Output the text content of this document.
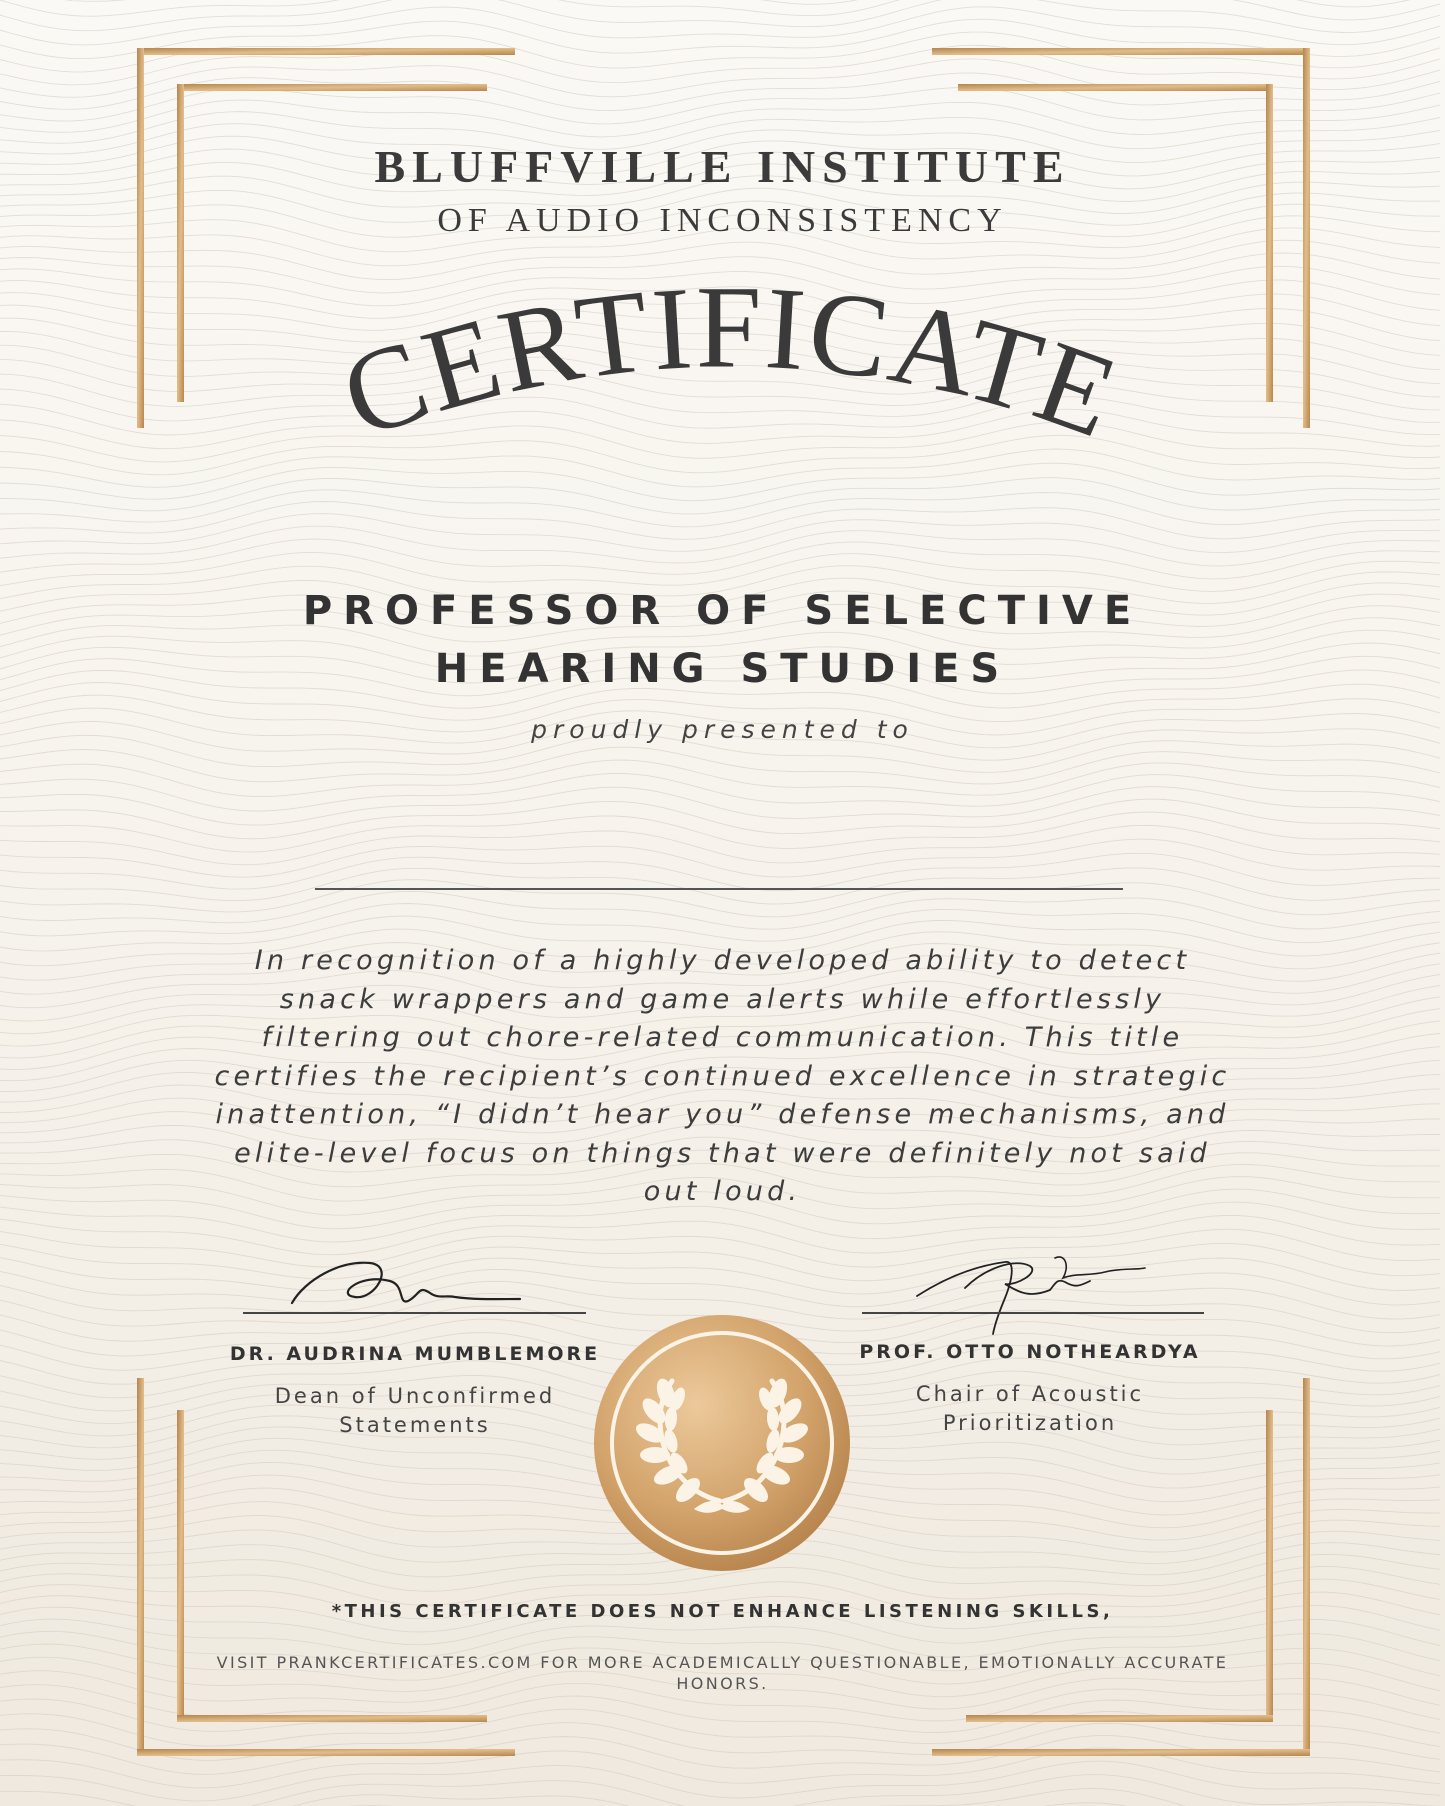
BLUFFVILLE INSTITUTE
OF AUDIO INCONSISTENCY
CERTIFICATE
PROFESSOR OF SELECTIVE
HEARING STUDIES
proudly presented to
In recognition of a highly developed ability to detect
snack wrappers and game alerts while effortlessly
filtering out chore-related communication. This title
certifies the recipient’s continued excellence in strategic
inattention, “I didn’t hear you” defense mechanisms, and
elite-level focus on things that were definitely not said
out loud.
DR. AUDRINA MUMBLEMORE
Dean of Unconfirmed
Statements
PROF. OTTO NOTHEARDYA
Chair of Acoustic
Prioritization
*THIS CERTIFICATE DOES NOT ENHANCE LISTENING SKILLS,
VISIT PRANKCERTIFICATES.COM FOR MORE ACADEMICALLY QUESTIONABLE, EMOTIONALLY ACCURATE
HONORS.
